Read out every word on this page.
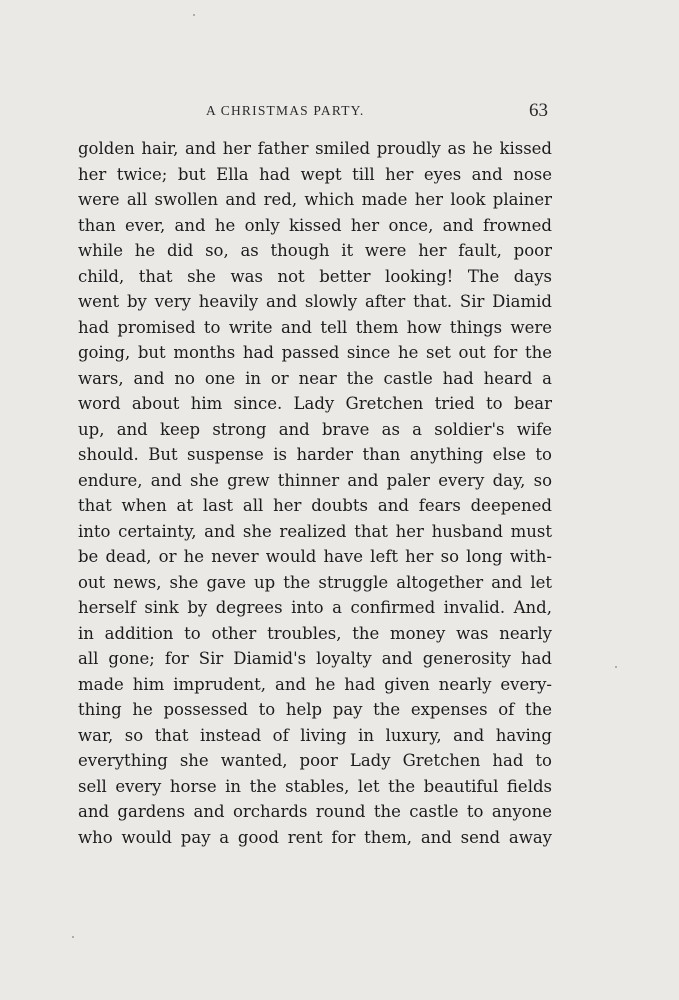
A CHRISTMAS PARTY.	63
golden hair, and her father smiled proudly as he kissed
her twice; but Ella had wept till her eyes and nose
were all swollen and red, which made her look plainer
than ever, and he only kissed her once, and frowned
while he did so, as though it were her fault, poor
child, that she was not better looking! The days
went by very heavily and slowly after that. Sir Diamid
had promised to write and tell them how things were
going, but months had passed since he set out for the
wars, and no one in or near the castle had heard a
word about him since. Lady Gretchen tried to bear
up, and keep strong and brave as a soldier's wife
should. But suspense is harder than anything else to
endure, and she grew thinner and paler every day, so
that when at last all her doubts and fears deepened
into certainty, and she realized that her husband must
be dead, or he never would have left her so long with-
out news, she gave up the struggle altogether and let
herself sink by degrees into a confirmed invalid. And,
in addition to other troubles, the money was nearly
all gone; for Sir Diamid's loyalty and generosity had
made him imprudent, and he had given nearly every-
thing he possessed to help pay the expenses of the
war, so that instead of living in luxury, and having
everything she wanted, poor Lady Gretchen had to
sell every horse in the stables, let the beautiful fields
and gardens and orchards round the castle to anyone
who would pay a good rent for them, and send away
